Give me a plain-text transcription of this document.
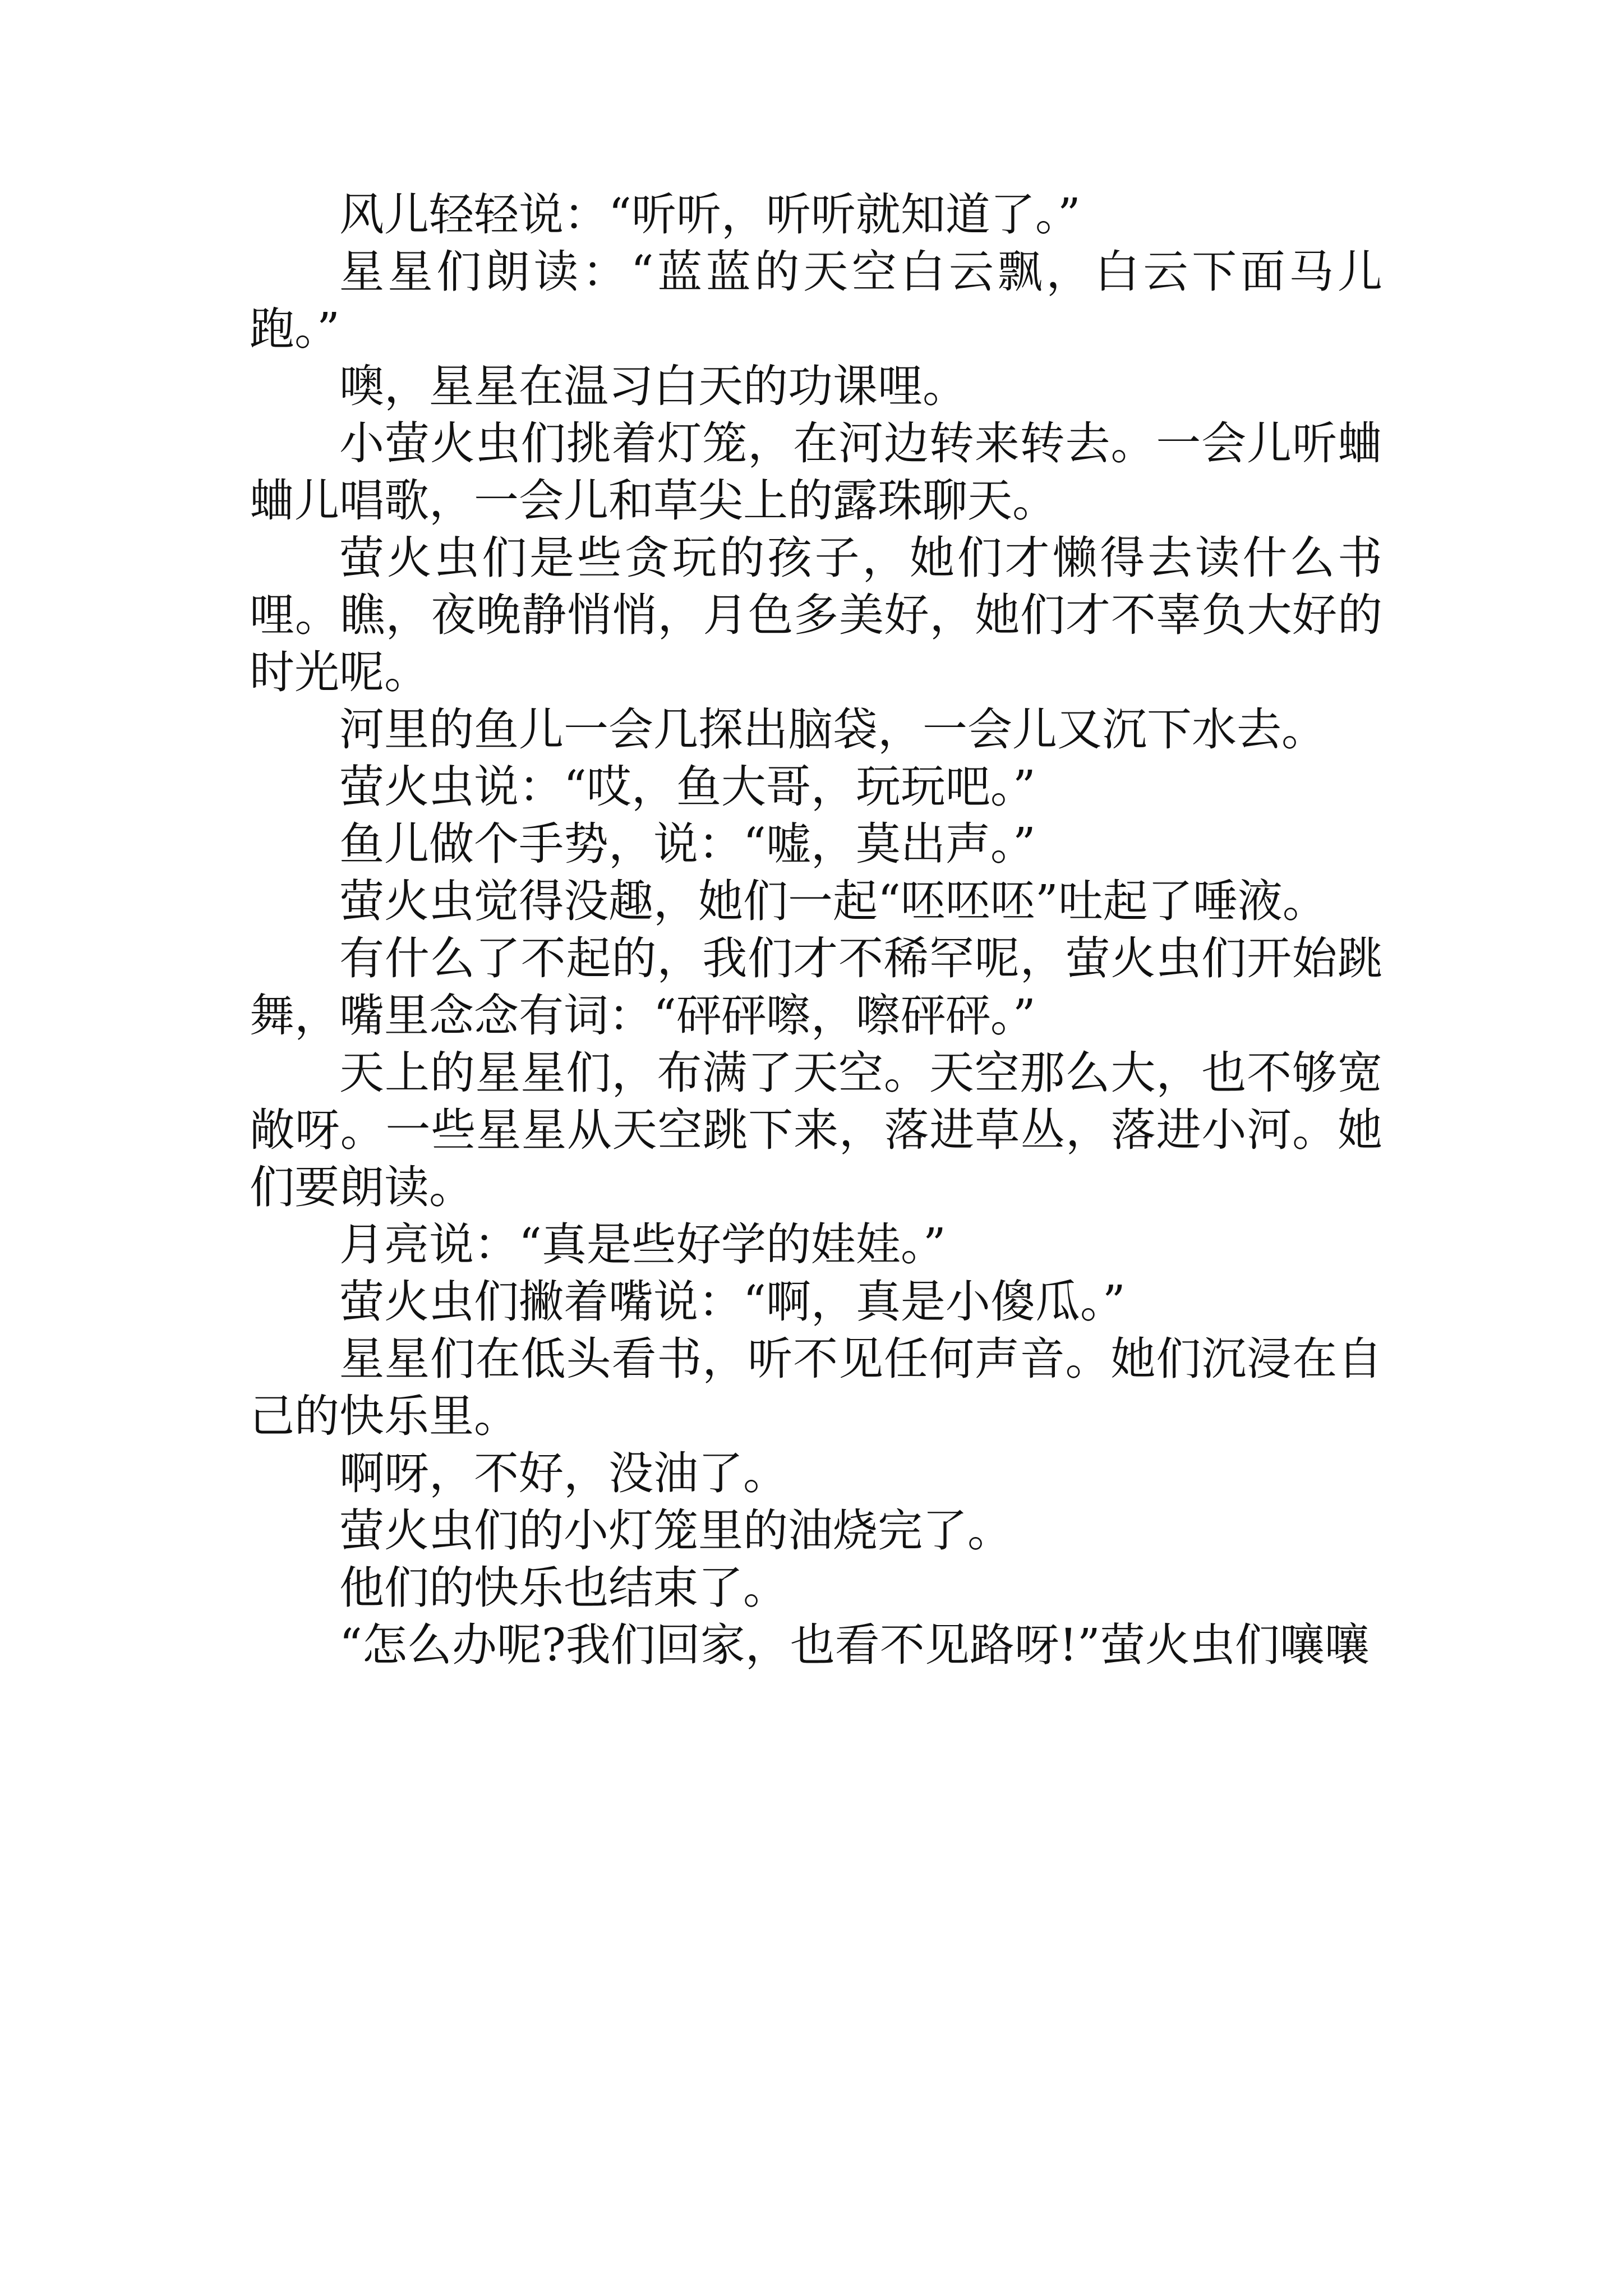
风儿轻轻说：“听听，听听就知道了。”

星星们朗读：“蓝蓝的天空白云飘，白云下面马儿跑。”

噢，星星在温习白天的功课哩。

小萤火虫们挑着灯笼，在河边转来转去。一会儿听蛐蛐儿唱歌，一会儿和草尖上的露珠聊天。

萤火虫们是些贪玩的孩子，她们才懒得去读什么书哩。瞧，夜晚静悄悄，月色多美好，她们才不辜负大好的时光呢。

河里的鱼儿一会几探出脑袋，一会儿又沉下水去。

萤火虫说：“哎，鱼大哥，玩玩吧。”

鱼儿做个手势，说：“嘘，莫出声。”

萤火虫觉得没趣，她们一起“呸呸呸”吐起了唾液。

有什么了不起的，我们才不稀罕呢，萤火虫们开始跳舞，嘴里念念有词：“砰砰嚓，嚓砰砰。”

天上的星星们，布满了天空。天空那么大，也不够宽敞呀。一些星星从天空跳下来，落进草丛，落进小河。她们要朗读。

月亮说：“真是些好学的娃娃。”

萤火虫们撇着嘴说：“啊，真是小傻瓜。”

星星们在低头看书，听不见任何声音。她们沉浸在自己的快乐里。

啊呀，不好，没油了。

萤火虫们的小灯笼里的油烧完了。

他们的快乐也结束了。

“怎么办呢?我们回家，也看不见路呀!”萤火虫们嚷嚷
